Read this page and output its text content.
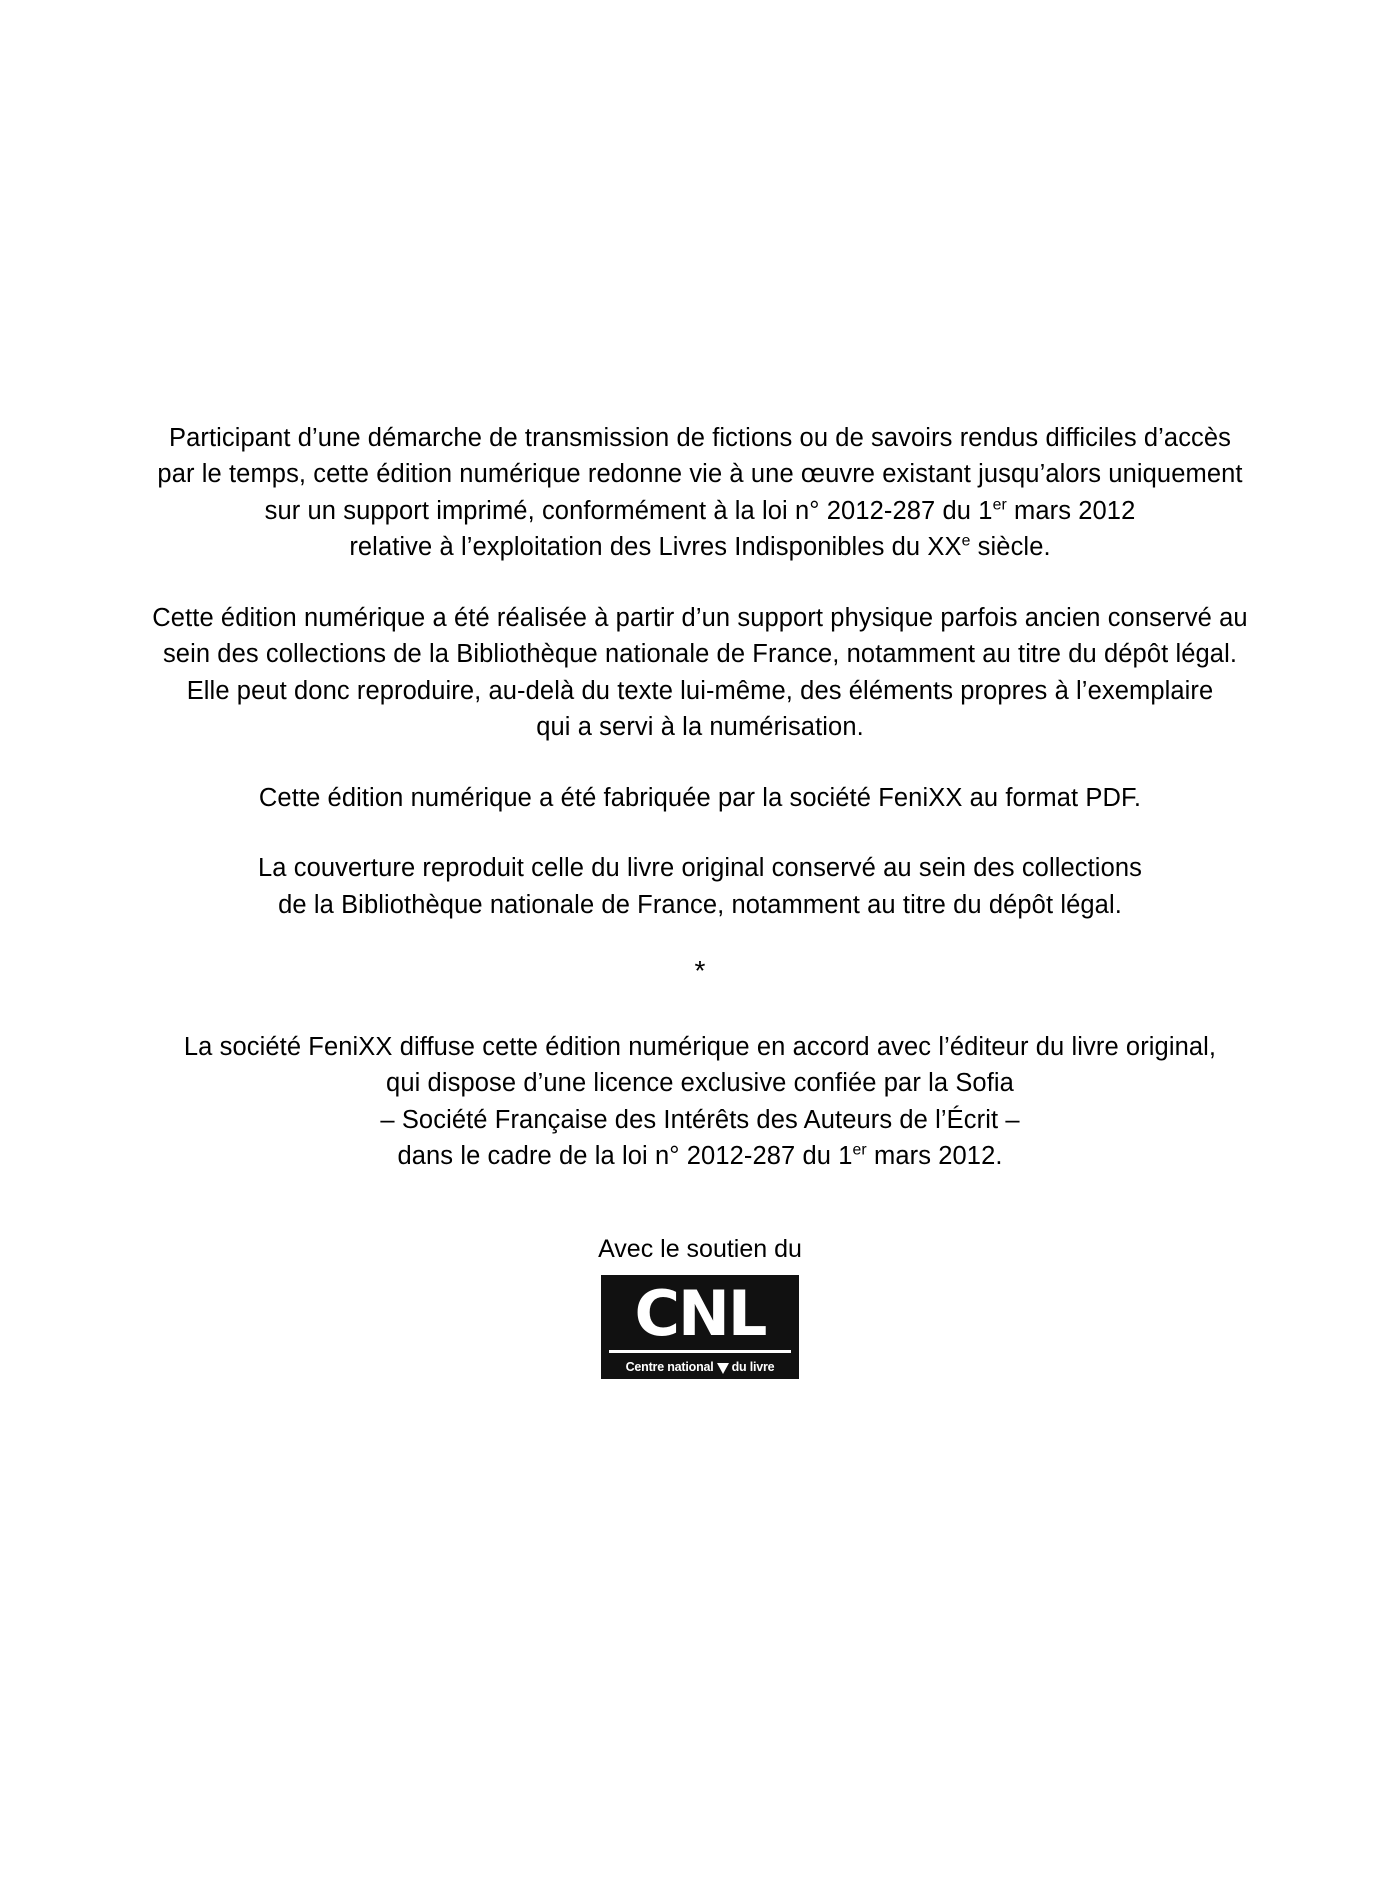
Participant d’une démarche de transmission de fictions ou de savoirs rendus difficiles d’accès
par le temps, cette édition numérique redonne vie à une œuvre existant jusqu’alors uniquement
sur un support imprimé, conformément à la loi n° 2012-287 du 1er mars 2012
relative à l’exploitation des Livres Indisponibles du XXe siècle.

Cette édition numérique a été réalisée à partir d’un support physique parfois ancien conservé au
sein des collections de la Bibliothèque nationale de France, notamment au titre du dépôt légal.
Elle peut donc reproduire, au-delà du texte lui-même, des éléments propres à l’exemplaire
qui a servi à la numérisation.

Cette édition numérique a été fabriquée par la société FeniXX au format PDF.

La couverture reproduit celle du livre original conservé au sein des collections
de la Bibliothèque nationale de France, notamment au titre du dépôt légal.

*

La société FeniXX diffuse cette édition numérique en accord avec l’éditeur du livre original,
qui dispose d’une licence exclusive confiée par la Sofia
– Société Française des Intérêts des Auteurs de l’Écrit –
dans le cadre de la loi n° 2012-287 du 1er mars 2012.

Avec le soutien du
CNL
Centre national du livre
